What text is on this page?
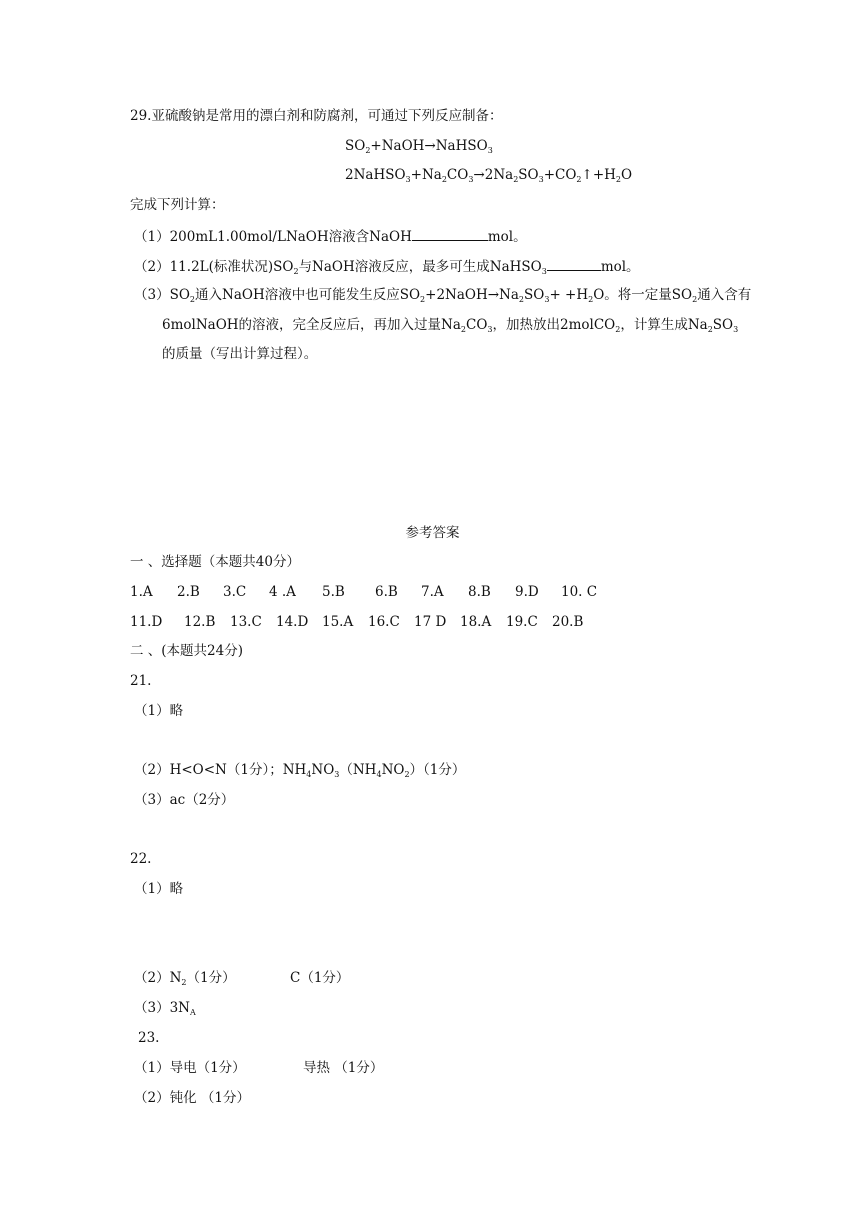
29.亚硫酸钠是常用的漂白剂和防腐剂，可通过下列反应制备：
$SO_2+NaOH\to NaHSO_3$
$2NaHSO_3+Na_2CO_3\to 2Na_2SO_3+CO_2↑+H_2O$
完成下列计算：
（1）200mL1.00mol/LNaOH溶液含NaOH	mol。
（2）11.2L(标准状况)$SO_2$与NaOH溶液反应，最多可生成NaHSO$_3$	mol。
$(3)SO_2$通入NaOH溶液中也可能发生反应$SO_2+2NaOH\to Na_2SO_3+ +H_2O$。将一定量$SO_2$通入含有
6molNaOH的溶液，完全反应后，再加入过量$Na_2CO_3$，加热放出2molCO$_2$，计算生成$Na_2SO_3$
的质量（写出计算过程）。
参考答案
一 、选择题（本题共40分）
1.A 2.B 3.C 4 .A 5.B 6.B 7.A 8.B 9.D 10. C
11.D 12.B 13.C 14.D 15.A 16.C 17 D 18.A 19.C 20.B
二 、(本题共24分)
21.
（1）略
（2）H<O<N（1分）；$NH_4NO_3(NH_4NO_2)(1$分）
（3）ac（2分）
22.
（1）略
$(2)N_2(1$分）	C（1分）
$(3)3N_A$
23.
（1）导电（1分）	导热 （1分）
（2）钝化 （1分）
